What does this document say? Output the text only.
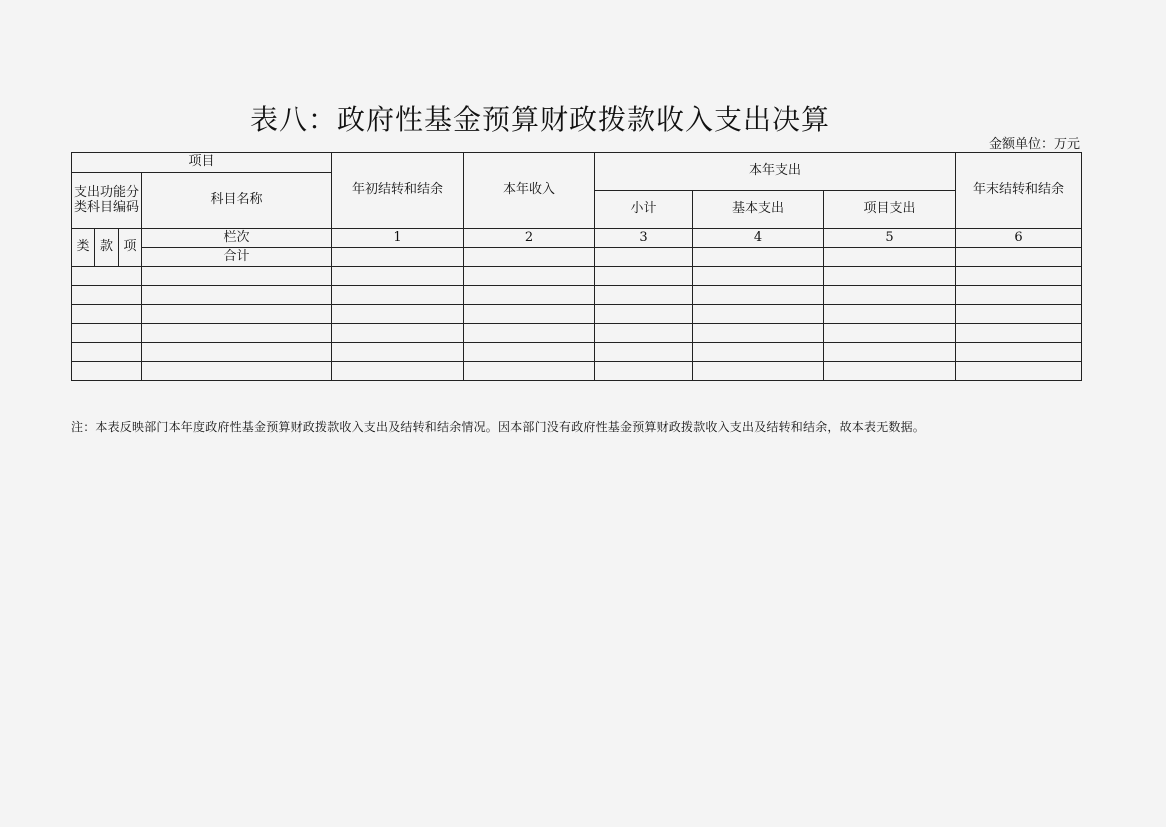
表八：政府性基金预算财政拨款收入支出决算
金额单位：万元
项目				年初结转和结余	本年收入	本年支出			年末结转和结余
支出功能分类科目编码			科目名称						
						小计	基本支出	项目支出	
类	款	项	栏次	1	2	3	4	5	6
			合计						

注：本表反映部门本年度政府性基金预算财政拨款收入支出及结转和结余情况。因本部门没有政府性基金预算财政拨款收入支出及结转和结余，故本表无数据。
